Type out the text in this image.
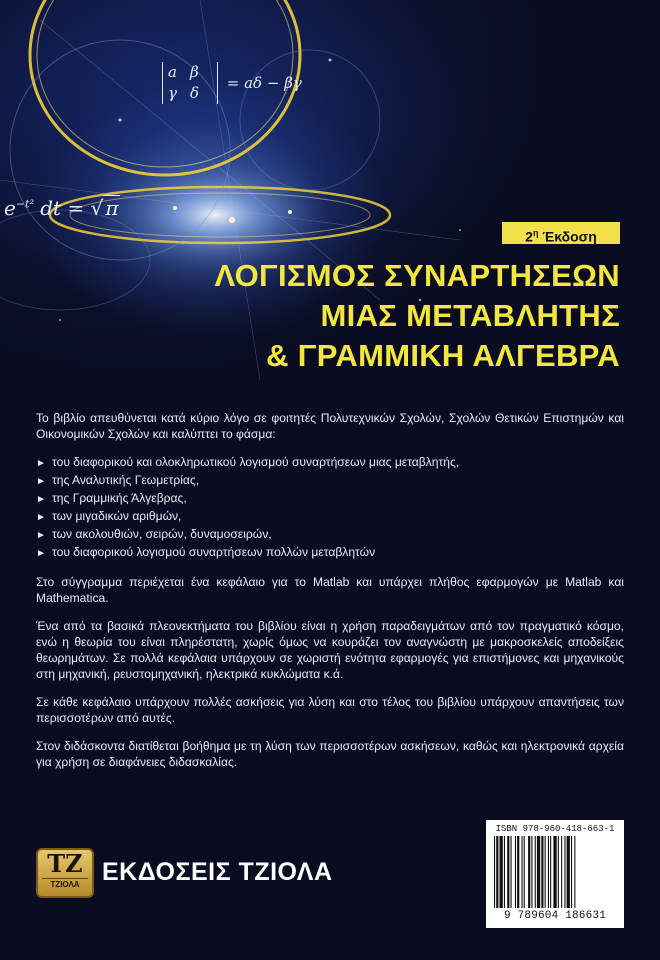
a β
γ δ
= aδ − βγ
$e^{-t^2}$ dt = √ π
$2^\eta$ Έκδοση
ΛΟΓΙΣΜΟΣ ΣΥΝΑΡΤΗΣΕΩΝ
ΜΙΑΣ ΜΕΤΑΒΛΗΤΗΣ
& ΓΡΑΜΜΙΚΗ ΑΛΓΕΒΡΑ

Το βιβλίο απευθύνεται κατά κύριο λόγο σε φοιτητές Πολυτεχνικών Σχολών, Σχολών Θετικών Επιστημών και Οικονομικών Σχολών και καλύπτει το φάσμα:

► του διαφορικού και ολοκληρωτικού λογισμού συναρτήσεων μιας μεταβλητής,
► της Αναλυτικής Γεωμετρίας,
► της Γραμμικής Άλγεβρας,
► των μιγαδικών αριθμών,
► των ακολουθιών, σειρών, δυναμοσειρών,
► του διαφορικού λογισμού συναρτήσεων πολλών μεταβλητών

Στο σύγγραμμα περιέχεται ένα κεφάλαιο για το Matlab και υπάρχει πλήθος εφαρμογών με Matlab και Mathematica.

Ένα από τα βασικά πλεονεκτήματα του βιβλίου είναι η χρήση παραδειγμάτων από τον πραγματικό κόσμο, ενώ η θεωρία του είναι πληρέστατη, χωρίς όμως να κουράζει τον αναγνώστη με μακροσκελείς αποδείξεις θεωρημάτων. Σε πολλά κεφάλαια υπάρχουν σε χωριστή ενότητα εφαρμογές για επιστήμονες και μηχανικούς στη μηχανική, ρευστομηχανική, ηλεκτρικά κυκλώματα κ.ά.

Σε κάθε κεφάλαιο υπάρχουν πολλές ασκήσεις για λύση και στο τέλος του βιβλίου υπάρχουν απαντήσεις των περισσοτέρων από αυτές.

Στον διδάσκοντα διατίθεται βοήθημα με τη λύση των περισσοτέρων ασκήσεων, καθώς και ηλεκτρονικά αρχεία για χρήση σε διαφάνειες διδασκαλίας.

ΤΖ
ΤΖΙΟΛΑ ΕΚΔΟΣΕΙΣ ΤΖΙΟΛΑ
ISBN 978-960-418-663-1
9 789604 186631
